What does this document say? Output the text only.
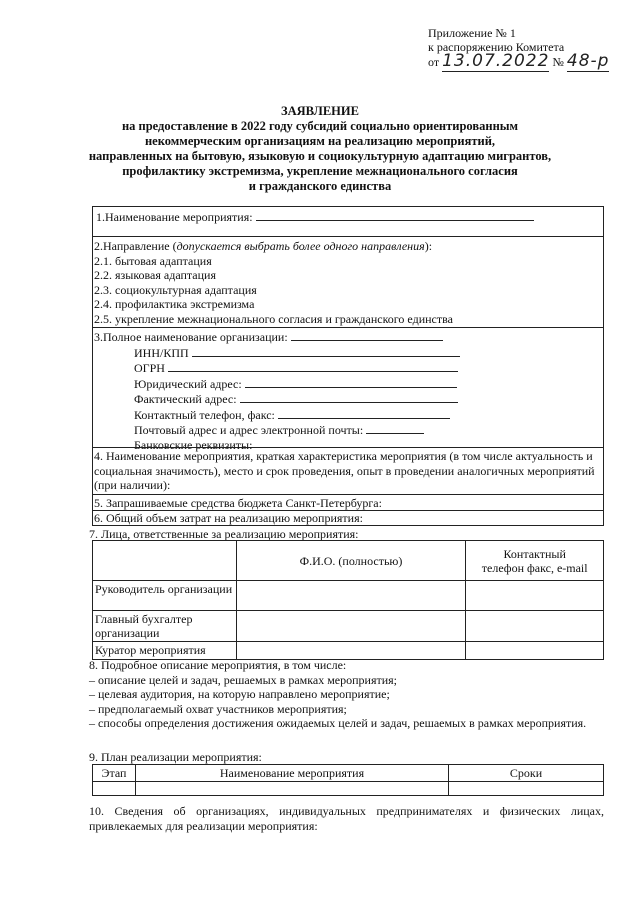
Приложение № 1
к распоряжению Комитета
от 13.07.2022 № 48-р
ЗАЯВЛЕНИЕ
на предоставление в 2022 году субсидий социально ориентированным
некоммерческим организациям на реализацию мероприятий,
направленных на бытовую, языковую и социокультурную адаптацию мигрантов,
профилактику экстремизма, укрепление межнационального согласия
и гражданского единства
1.Наименование мероприятия:
2.Направление (допускается выбрать более одного направления):
2.1. бытовая адаптация
2.2. языковая адаптация
2.3. социокультурная адаптация
2.4. профилактика экстремизма
2.5. укрепление межнационального согласия и гражданского единства
3.Полное наименование организации:
ИНН/КПП
ОГРН
Юридический адрес:
Фактический адрес:
Контактный телефон, факс:
Почтовый адрес и адрес электронной почты:
Банковские реквизиты:
4. Наименование мероприятия, краткая характеристика мероприятия (в том числе актуальность и социальная значимость), место и срок проведения, опыт в проведении аналогичных мероприятий (при наличии):
5. Запрашиваемые средства бюджета Санкт-Петербурга:
6. Общий объем затрат на реализацию мероприятия:
7. Лица, ответственные за реализацию мероприятия:
	Ф.И.О. (полностью)	Контактный
телефон факс, e-mail

Руководитель организации		
Главный бухгалтер организации		
Куратор мероприятия		
8. Подробное описание мероприятия, в том числе:
– описание целей и задач, решаемых в рамках мероприятия;
– целевая аудитория, на которую направлено мероприятие;
– предполагаемый охват участников мероприятия;
– способы определения достижения ожидаемых целей и задач, решаемых в рамках мероприятия.
9. План реализации мероприятия:
Этап	Наименование мероприятия	Сроки

10. Сведения об организациях, индивидуальных предпринимателях и физических лицах, привлекаемых для реализации мероприятия:
